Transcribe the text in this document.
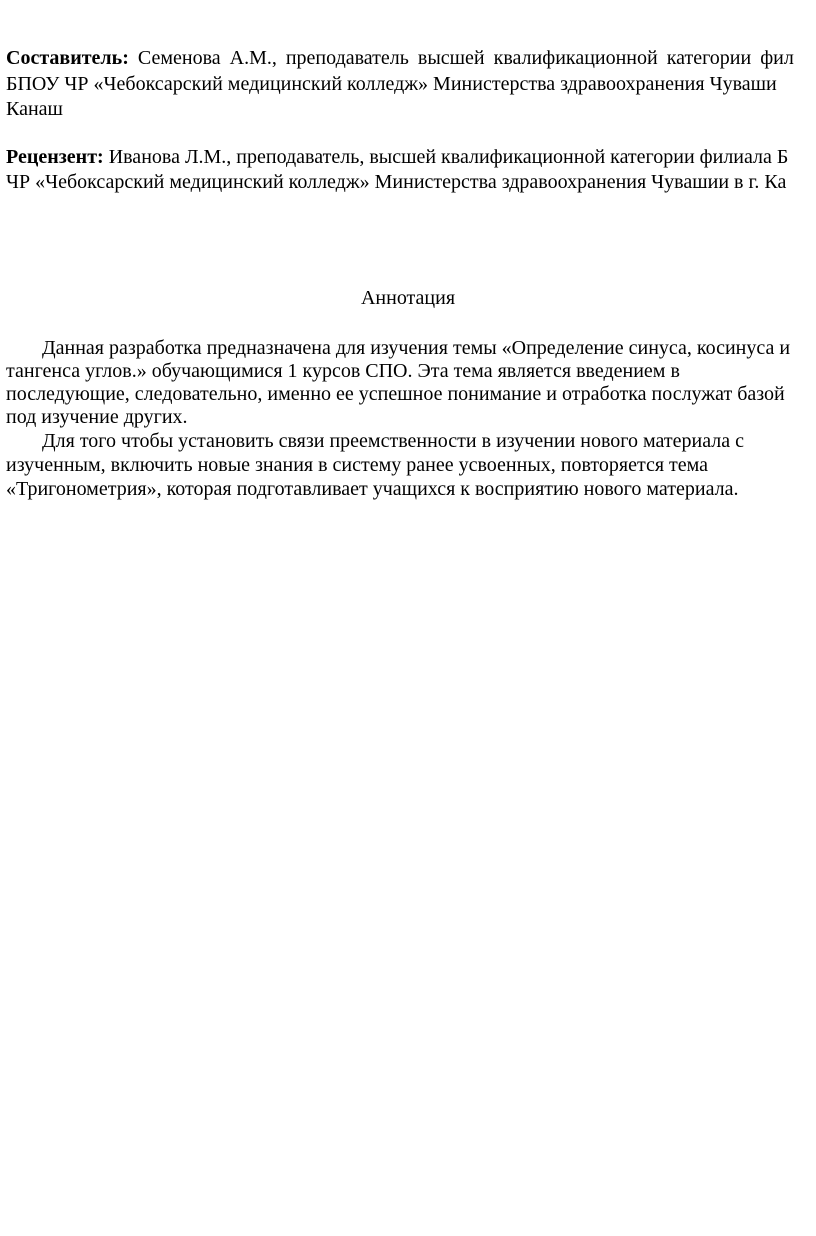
Составитель: Семенова А.М., преподаватель высшей квалификационной категории фил
БПОУ ЧР «Чебоксарский медицинский колледж» Министерства здравоохранения Чуваши
Канаш
Рецензент: Иванова Л.М., преподаватель, высшей квалификационной категории филиала Б
ЧР «Чебоксарский медицинский колледж» Министерства здравоохранения Чувашии в г. Ка
Аннотация
Данная разработка предназначена для изучения темы «Определение синуса, косинуса и
тангенса углов.» обучающимися 1 курсов СПО. Эта тема является введением в
последующие, следовательно, именно ее успешное понимание и отработка послужат базой
под изучение других.
Для того чтобы установить связи преемственности в изучении нового материала с
изученным, включить новые знания в систему ранее усвоенных, повторяется тема
«Тригонометрия», которая подготавливает учащихся к восприятию нового материала.
